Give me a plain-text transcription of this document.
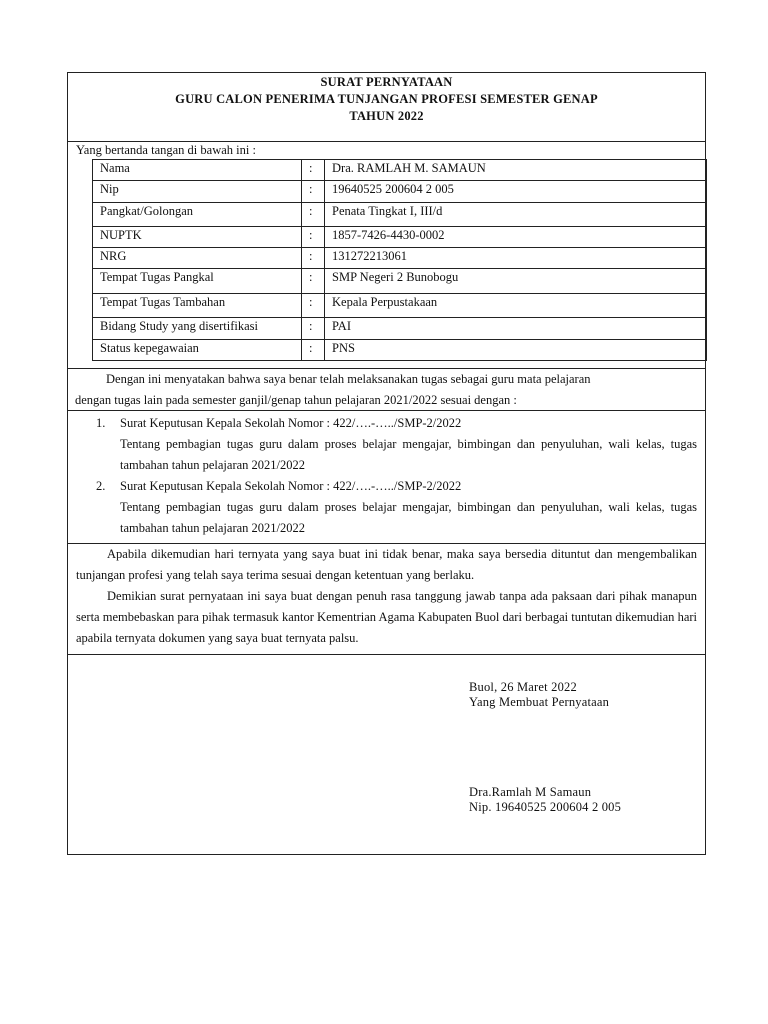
SURAT PERNYATAAN
GURU CALON PENERIMA TUNJANGAN PROFESI SEMESTER GENAP
TAHUN 2022
Yang bertanda tangan di bawah ini :
Nama	:	Dra. RAMLAH M. SAMAUN
Nip	:	19640525 200604 2 005
Pangkat/Golongan	:	Penata Tingkat I, III/d
NUPTK	:	1857-7426-4430-0002
NRG	:	131272213061
Tempat Tugas Pangkal	:	SMP Negeri 2 Bunobogu
Tempat Tugas Tambahan	:	Kepala Perpustakaan
Bidang Study yang disertifikasi	:	PAI
Status kepegawaian	:	PNS
Dengan ini menyatakan bahwa saya benar telah melaksanakan tugas sebagai guru mata pelajaran
dengan tugas lain pada semester ganjil/genap tahun pelajaran 2021/2022 sesuai dengan :
1. Surat Keputusan Kepala Sekolah Nomor : 422/….-…../SMP-2/2022
Tentang pembagian tugas guru dalam proses belajar mengajar, bimbingan dan penyuluhan, wali kelas, tugas tambahan tahun pelajaran 2021/2022
2. Surat Keputusan Kepala Sekolah Nomor : 422/….-…../SMP-2/2022
Tentang pembagian tugas guru dalam proses belajar mengajar, bimbingan dan penyuluhan, wali kelas, tugas tambahan tahun pelajaran 2021/2022

Apabila dikemudian hari ternyata yang saya buat ini tidak benar, maka saya bersedia dituntut dan mengembalikan tunjangan profesi yang telah saya terima sesuai dengan ketentuan yang berlaku.

Demikian surat pernyataan ini saya buat dengan penuh rasa tanggung jawab tanpa ada paksaan dari pihak manapun serta membebaskan para pihak termasuk kantor Kementrian Agama Kabupaten Buol dari berbagai tuntutan dikemudian hari apabila ternyata dokumen yang saya buat ternyata palsu.

Buol, 26 Maret 2022
Yang Membuat Pernyataan
Dra.Ramlah M Samaun
Nip. 19640525 200604 2 005
